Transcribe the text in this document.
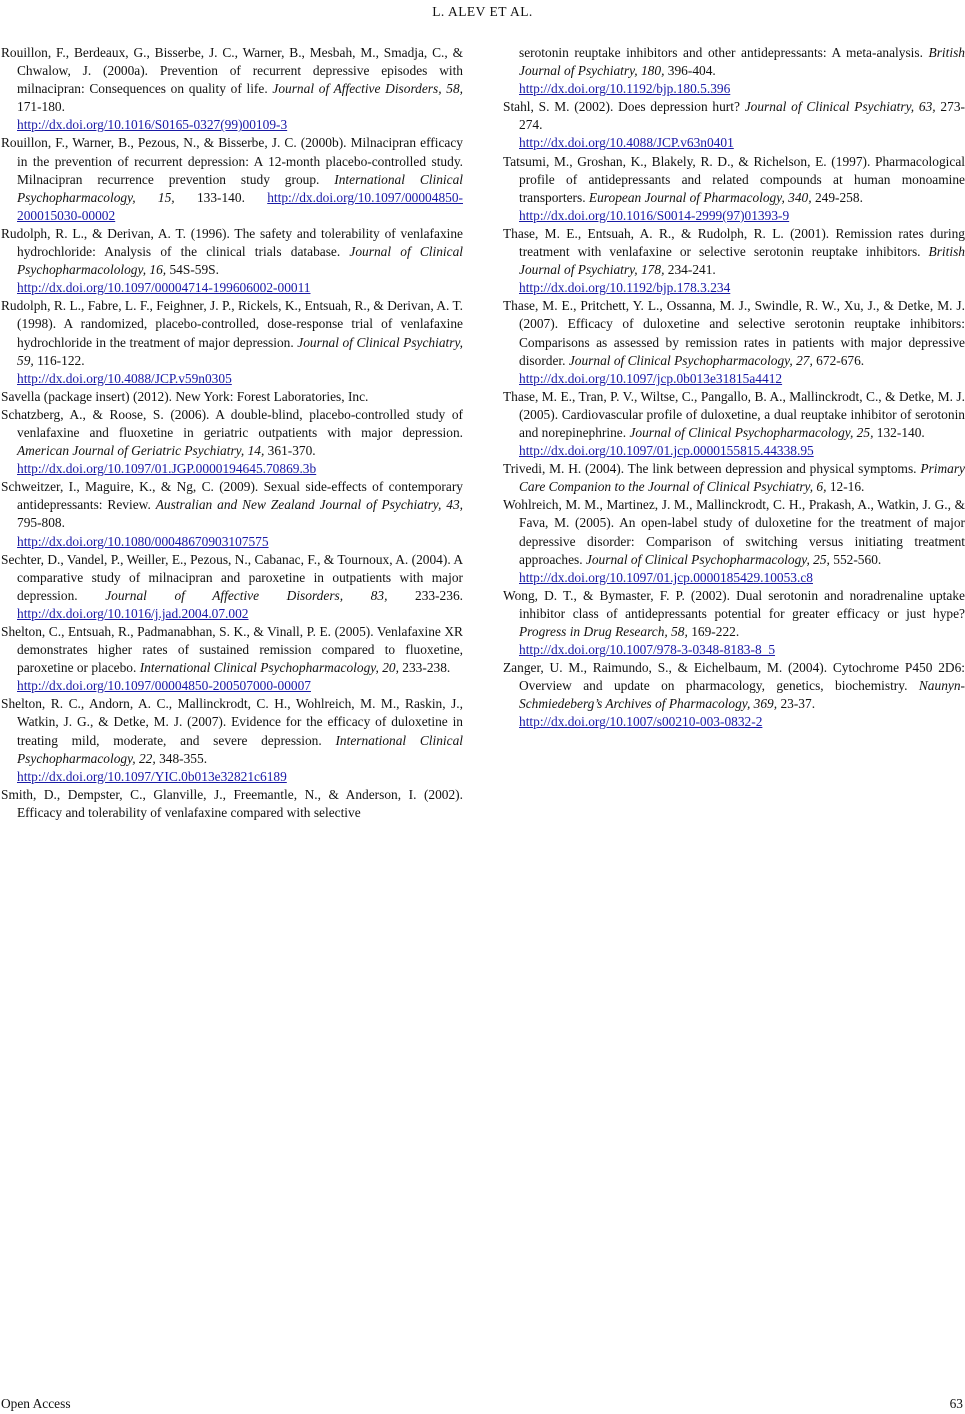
L. ALEV ET AL.

Rouillon, F., Berdeaux, G., Bisserbe, J. C., Warner, B., Mesbah, M., Smadja, C., & Chwalow, J. (2000a). Prevention of recurrent depressive episodes with milnacipran: Consequences on quality of life. Journal of Affective Disorders, 58, 171-180.
http://dx.doi.org/10.1016/S0165-0327(99)00109-3

Rouillon, F., Warner, B., Pezous, N., & Bisserbe, J. C. (2000b). Milnacipran efficacy in the prevention of recurrent depression: A 12-month placebo-controlled study. Milnacipran recurrence prevention study group. International Clinical Psychopharmacology, 15, 133-140. http://dx.doi.org/10.1097/00004850-200015030-00002

Rudolph, R. L., & Derivan, A. T. (1996). The safety and tolerability of venlafaxine hydrochloride: Analysis of the clinical trials database. Journal of Clinical Psychopharmacolology, 16, 54S-59S.
http://dx.doi.org/10.1097/00004714-199606002-00011

Rudolph, R. L., Fabre, L. F., Feighner, J. P., Rickels, K., Entsuah, R., & Derivan, A. T. (1998). A randomized, placebo-controlled, dose-response trial of venlafaxine hydrochloride in the treatment of major depression. Journal of Clinical Psychiatry, 59, 116-122.
http://dx.doi.org/10.4088/JCP.v59n0305

Savella (package insert) (2012). New York: Forest Laboratories, Inc.

Schatzberg, A., & Roose, S. (2006). A double-blind, placebo-controlled study of venlafaxine and fluoxetine in geriatric outpatients with major depression. American Journal of Geriatric Psychiatry, 14, 361-370.
http://dx.doi.org/10.1097/01.JGP.0000194645.70869.3b

Schweitzer, I., Maguire, K., & Ng, C. (2009). Sexual side-effects of contemporary antidepressants: Review. Australian and New Zealand Journal of Psychiatry, 43, 795-808.
http://dx.doi.org/10.1080/00048670903107575

Sechter, D., Vandel, P., Weiller, E., Pezous, N., Cabanac, F., & Tournoux, A. (2004). A comparative study of milnacipran and paroxetine in outpatients with major depression. Journal of Affective Disorders, 83, 233-236. http://dx.doi.org/10.1016/j.jad.2004.07.002

Shelton, C., Entsuah, R., Padmanabhan, S. K., & Vinall, P. E. (2005). Venlafaxine XR demonstrates higher rates of sustained remission compared to fluoxetine, paroxetine or placebo. International Clinical Psychopharmacology, 20, 233-238.
http://dx.doi.org/10.1097/00004850-200507000-00007

Shelton, R. C., Andorn, A. C., Mallinckrodt, C. H., Wohlreich, M. M., Raskin, J., Watkin, J. G., & Detke, M. J. (2007). Evidence for the efficacy of duloxetine in treating mild, moderate, and severe depression. International Clinical Psychopharmacology, 22, 348-355.
http://dx.doi.org/10.1097/YIC.0b013e32821c6189

Smith, D., Dempster, C., Glanville, J., Freemantle, N., & Anderson, I. (2002). Efficacy and tolerability of venlafaxine compared with selective

serotonin reuptake inhibitors and other antidepressants: A meta-analysis. British Journal of Psychiatry, 180, 396-404.
http://dx.doi.org/10.1192/bjp.180.5.396

Stahl, S. M. (2002). Does depression hurt? Journal of Clinical Psychiatry, 63, 273-274.
http://dx.doi.org/10.4088/JCP.v63n0401

Tatsumi, M., Groshan, K., Blakely, R. D., & Richelson, E. (1997). Pharmacological profile of antidepressants and related compounds at human monoamine transporters. European Journal of Pharmacology, 340, 249-258.
http://dx.doi.org/10.1016/S0014-2999(97)01393-9

Thase, M. E., Entsuah, A. R., & Rudolph, R. L. (2001). Remission rates during treatment with venlafaxine or selective serotonin reuptake inhibitors. British Journal of Psychiatry, 178, 234-241.
http://dx.doi.org/10.1192/bjp.178.3.234

Thase, M. E., Pritchett, Y. L., Ossanna, M. J., Swindle, R. W., Xu, J., & Detke, M. J. (2007). Efficacy of duloxetine and selective serotonin reuptake inhibitors: Comparisons as assessed by remission rates in patients with major depressive disorder. Journal of Clinical Psychopharmacology, 27, 672-676.
http://dx.doi.org/10.1097/jcp.0b013e31815a4412

Thase, M. E., Tran, P. V., Wiltse, C., Pangallo, B. A., Mallinckrodt, C., & Detke, M. J. (2005). Cardiovascular profile of duloxetine, a dual reuptake inhibitor of serotonin and norepinephrine. Journal of Clinical Psychopharmacology, 25, 132-140.
http://dx.doi.org/10.1097/01.jcp.0000155815.44338.95

Trivedi, M. H. (2004). The link between depression and physical symptoms. Primary Care Companion to the Journal of Clinical Psychiatry, 6, 12-16.

Wohlreich, M. M., Martinez, J. M., Mallinckrodt, C. H., Prakash, A., Watkin, J. G., & Fava, M. (2005). An open-label study of duloxetine for the treatment of major depressive disorder: Comparison of switching versus initiating treatment approaches. Journal of Clinical Psychopharmacology, 25, 552-560.
http://dx.doi.org/10.1097/01.jcp.0000185429.10053.c8

Wong, D. T., & Bymaster, F. P. (2002). Dual serotonin and noradrenaline uptake inhibitor class of antidepressants potential for greater efficacy or just hype? Progress in Drug Research, 58, 169-222.
http://dx.doi.org/10.1007/978-3-0348-8183-8_5

Zanger, U. M., Raimundo, S., & Eichelbaum, M. (2004). Cytochrome P450 2D6: Overview and update on pharmacology, genetics, biochemistry. Naunyn-Schmiedeberg’s Archives of Pharmacology, 369, 23-37.
http://dx.doi.org/10.1007/s00210-003-0832-2

Open Access	63
